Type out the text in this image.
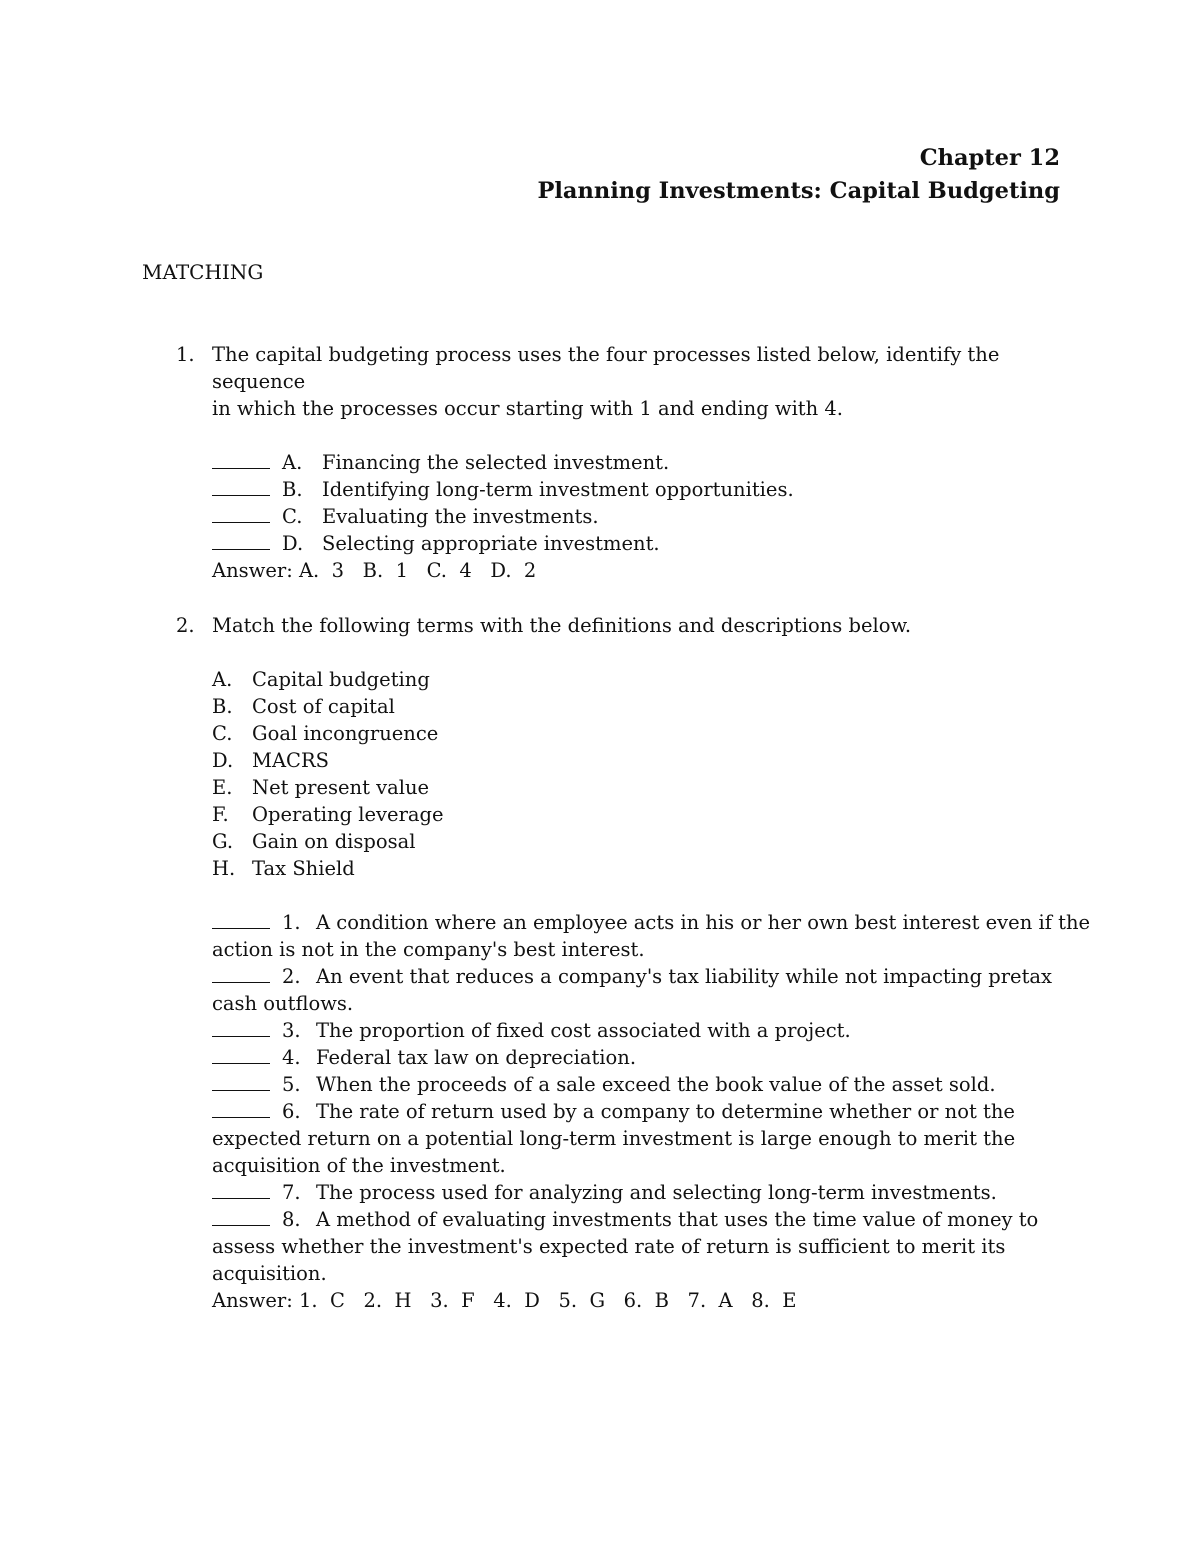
Chapter 12
Planning Investments: Capital Budgeting
MATCHING
1. The capital budgeting process uses the four processes listed below, identify the sequence
in which the processes occur starting with 1 and ending with 4.
A. Financing the selected investment.
B. Identifying long-term investment opportunities.
C. Evaluating the investments.
D. Selecting appropriate investment.
Answer: A.  3   B.  1   C.  4   D.  2
2. Match the following terms with the definitions and descriptions below.
A. Capital budgeting
B. Cost of capital
C. Goal incongruence
D. MACRS
E. Net present value
F. Operating leverage
G. Gain on disposal
H. Tax Shield
1. A condition where an employee acts in his or her own best interest even if the
action is not in the company's best interest.
2. An event that reduces a company's tax liability while not impacting pretax
cash outflows.
3. The proportion of fixed cost associated with a project.
4. Federal tax law on depreciation.
5. When the proceeds of a sale exceed the book value of the asset sold.
6. The rate of return used by a company to determine whether or not the
expected return on a potential long-term investment is large enough to merit the
acquisition of the investment.
7. The process used for analyzing and selecting long-term investments.
8. A method of evaluating investments that uses the time value of money to
assess whether the investment's expected rate of return is sufficient to merit its
acquisition.
Answer: 1.  C   2.  H   3.  F   4.  D   5.  G   6.  B   7.  A   8.  E
